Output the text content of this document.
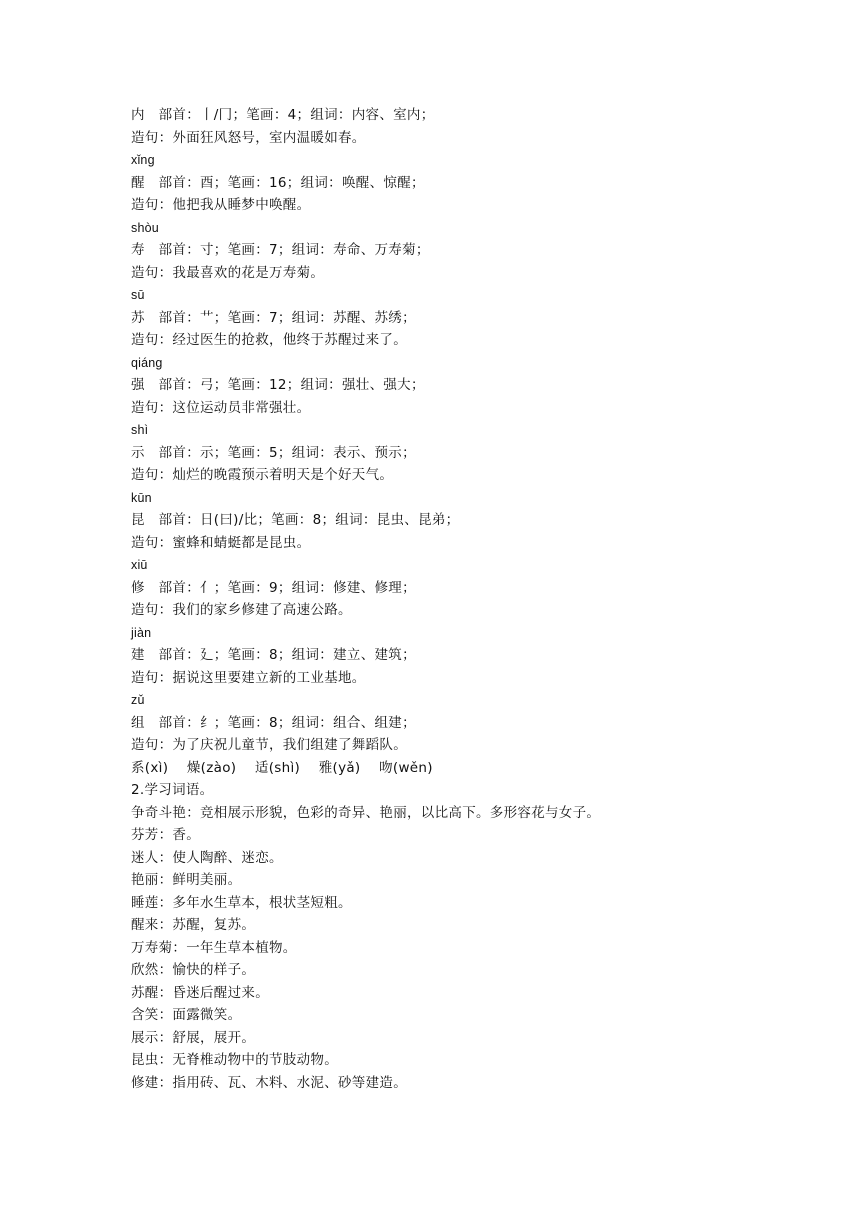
内　部首：丨/冂；笔画：4；组词：内容、室内；
造句：外面狂风怒号，室内温暖如春。
xǐng
醒　部首：酉；笔画：16；组词：唤醒、惊醒；
造句：他把我从睡梦中唤醒。
shòu
寿　部首：寸；笔画：7；组词：寿命、万寿菊；
造句：我最喜欢的花是万寿菊。
sū
苏　部首：艹；笔画：7；组词：苏醒、苏绣；
造句：经过医生的抢救，他终于苏醒过来了。
qiáng
强　部首：弓；笔画：12；组词：强壮、强大；
造句：这位运动员非常强壮。
shì
示　部首：示；笔画：5；组词：表示、预示；
造句：灿烂的晚霞预示着明天是个好天气。
kūn
昆　部首：日(曰)/比；笔画：8；组词：昆虫、昆弟；
造句：蜜蜂和蜻蜓都是昆虫。
xiū
修　部首：亻；笔画：9；组词：修建、修理；
造句：我们的家乡修建了高速公路。
jiàn
建　部首：廴；笔画：8；组词：建立、建筑；
造句：据说这里要建立新的工业基地。
zǔ
组　部首：纟；笔画：8；组词：组合、组建；
造句：为了庆祝儿童节，我们组建了舞蹈队。
系(xì) 燥(zào) 适(shì) 雅(yǎ) 吻(wěn)
2.学习词语。
争奇斗艳：竞相展示形貌，色彩的奇异、艳丽，以比高下。多形容花与女子。
芬芳：香。
迷人：使人陶醉、迷恋。
艳丽：鲜明美丽。
睡莲：多年水生草本，根状茎短粗。
醒来：苏醒，复苏。
万寿菊：一年生草本植物。
欣然：愉快的样子。
苏醒：昏迷后醒过来。
含笑：面露微笑。
展示：舒展，展开。
昆虫：无脊椎动物中的节肢动物。
修建：指用砖、瓦、木料、水泥、砂等建造。
